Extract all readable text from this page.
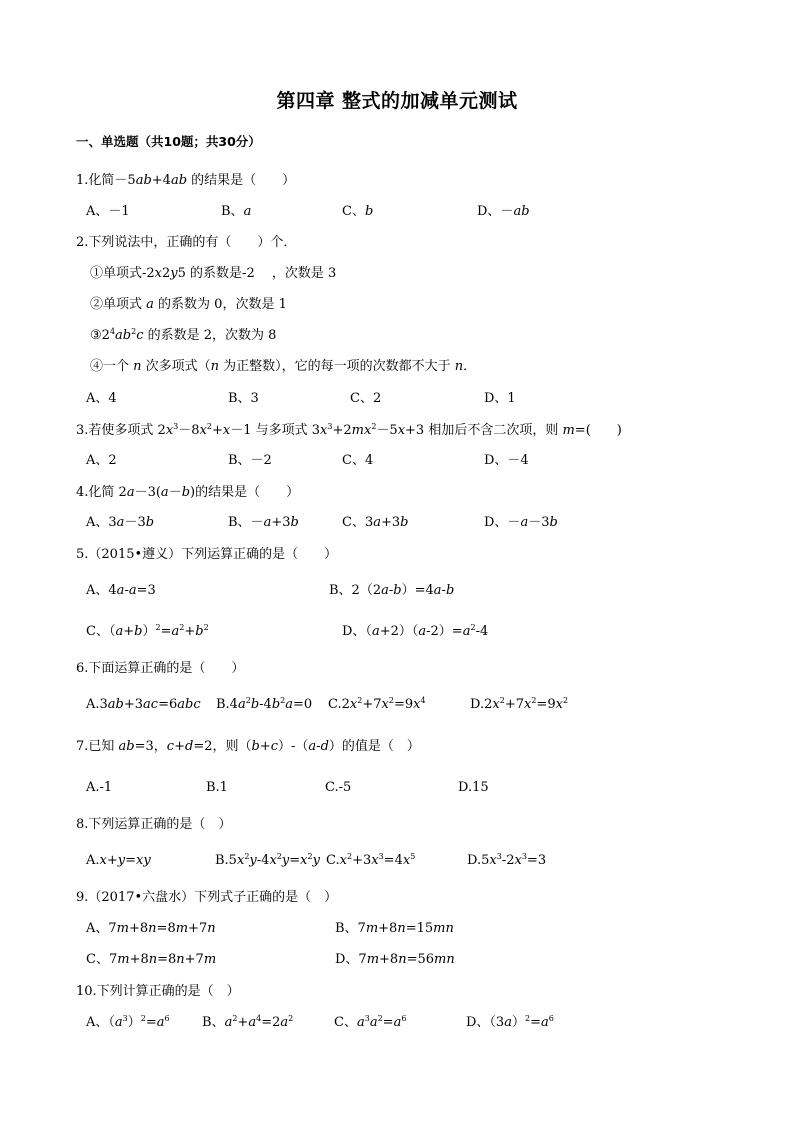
第四章 整式的加减单元测试
一、单选题（共10题；共30分）
1.化简－5ab+4ab 的结果是（　　）
A、－1	B、a	C、b	D、－ab
2.下列说法中，正确的有（　　）个．
①单项式-2x2y5 的系数是-2 　，次数是 3
②单项式 a 的系数为 0，次数是 1
$③2^4ab^2c$ 的系数是 2，次数为 8
④一个 n 次多项式（n 为正整数），它的每一项的次数都不大于 n．
A、4	B、3	C、2	D、1
3.若使多项式 $2x^3-8x^2+x-1$ 与多项式 $3x^3+2mx^2-5x+3$ 相加后不含二次项，则 m=(　　)
A、2	B、－2	C、4	D、－4
4.化简 2a－3(a－b)的结果是（　　）
A、3a－3b	B、－a+3b	C、3a+3b	D、－a－3b
5.（2015•遵义）下列运算正确的是（　　）
A、4a-a=3	B、2（2a-b）=4a-b
C、$(a+b)^2=a^2+b^2$	D、$(a+2)(a-2)=a^2-4$
6.下面运算正确的是（　　）
A.3ab+3ac=6abc $B.4a^2b-4b^2a=0$ $C.2x^2+7x^2=9x^4$	$D.2x^2+7x^2=9x^2$
7.已知 ab=3，c+d=2，则（b+c）-（a-d）的值是（　）
A.-1	B.1	C.-5	D.15
8.下列运算正确的是（　）
A.x+y=xy	$B.5x^2y-4x^2y=x^2y$ $C.x^2+3x^3=4x^5$	$D.5x^3-2x^3=3$
9.（2017•六盘水）下列式子正确的是（　）
A、7m+8n=8m+7n	B、7m+8n=15mn
C、7m+8n=8n+7m	D、7m+8n=56mn
10.下列计算正确的是（　）
A、$(a^3)^2=a^6$ B、$a^2+a^4=2a^2$	C、$a^3a^2=a^6$	D、$(3a)^2=a^6$
